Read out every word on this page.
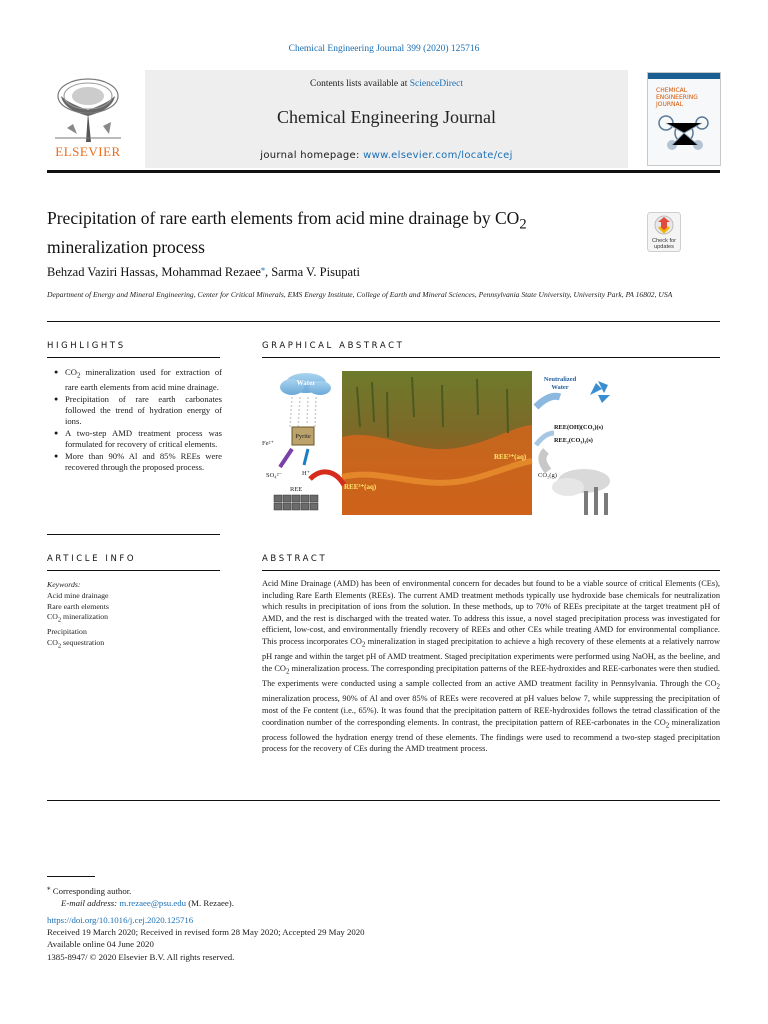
Chemical Engineering Journal 399 (2020) 125716
ELSEVIER
Contents lists available at ScienceDirect
Chemical Engineering Journal
journal homepage: www.elsevier.com/locate/cej
CHEMICAL
ENGINEERING
JOURNAL
Precipitation of rare earth elements from acid mine drainage by $CO_2$
mineralization process	Check for
updates
Behzad Vaziri Hassas, Mohammad Rezaee⁎, Sarma V. Pisupati
Department of Energy and Mineral Engineering, Center for Critical Minerals, EMS Energy Institute, College of Earth and Mineral Sciences, Pennsylvania State University, University Park, PA 16802, USA
HIGHLIGHTS
● $CO_2$ mineralization used for extraction of rare earth elements from acid mine drainage.
● Precipitation of rare earth carbonates followed the trend of hydration energy of ions.
● A two-step AMD treatment process was formulated for recovery of critical elements.
● More than 90% Al and 85% REEs were recovered through the proposed process.
GRAPHICAL ABSTRACT
Water
Pyrite
Fe²⁺
SO₄²⁻	H⁺
REE
REE³⁺(aq)
REE³⁺(aq)
Neutralized
Water
REE(OH)(CO₃)(s)
REE₂(CO₃)₃(s)
CO₂(g)
ARTICLE INFO
Keywords:
Acid mine drainage
Rare earth elements
$CO_2$ mineralization
Precipitation
$CO_2$ sequestration
ABSTRACT
Acid Mine Drainage (AMD) has been of environmental concern for decades but found to be a viable source of critical Elements (CEs), including Rare Earth Elements (REEs). The current AMD treatment methods typically use hydroxide base chemicals for neutralization which results in precipitation of ions from the solution. In these methods, up to 70% of REEs precipitate at the target treatment pH of AMD, and the rest is discharged with the treated water. To address this issue, a novel staged precipitation process was investigated for efficient, low-cost, and environmentally friendly recovery of REEs and other CEs while treating AMD for environmental compliance. This process incorporates $CO_2$ mineralization in staged precipitation to achieve a high recovery of these elements at a relatively narrow pH range and within the target pH of AMD treatment. Staged precipitation experiments were performed using NaOH, as the beeline, and the $CO_2$ mineralization process. The corresponding precipitation patterns of the REE-hydroxides and REE-carbonates were then studied. The experiments were conducted using a sample collected from an active AMD treatment facility in Pennsylvania. Through the $CO_2$ mineralization process, 90% of Al and over 85% of REEs were recovered at pH values below 7, while suppressing the precipitation of most of the Fe content (i.e., 65%). It was found that the precipitation pattern of REE-hydroxides follows the tetrad classification of the coordination number of the corresponding elements. In contrast, the precipitation pattern of REE-carbonates in the $CO_2$ mineralization process followed the hydration energy trend of these elements. The findings were used to recommend a two-step staged precipitation process for the recovery of CEs during the AMD treatment process.
⁎ Corresponding author.
E-mail address: m.rezaee@psu.edu (M. Rezaee).
https://doi.org/10.1016/j.cej.2020.125716
Received 19 March 2020; Received in revised form 28 May 2020; Accepted 29 May 2020
Available online 04 June 2020
1385-8947/ © 2020 Elsevier B.V. All rights reserved.
